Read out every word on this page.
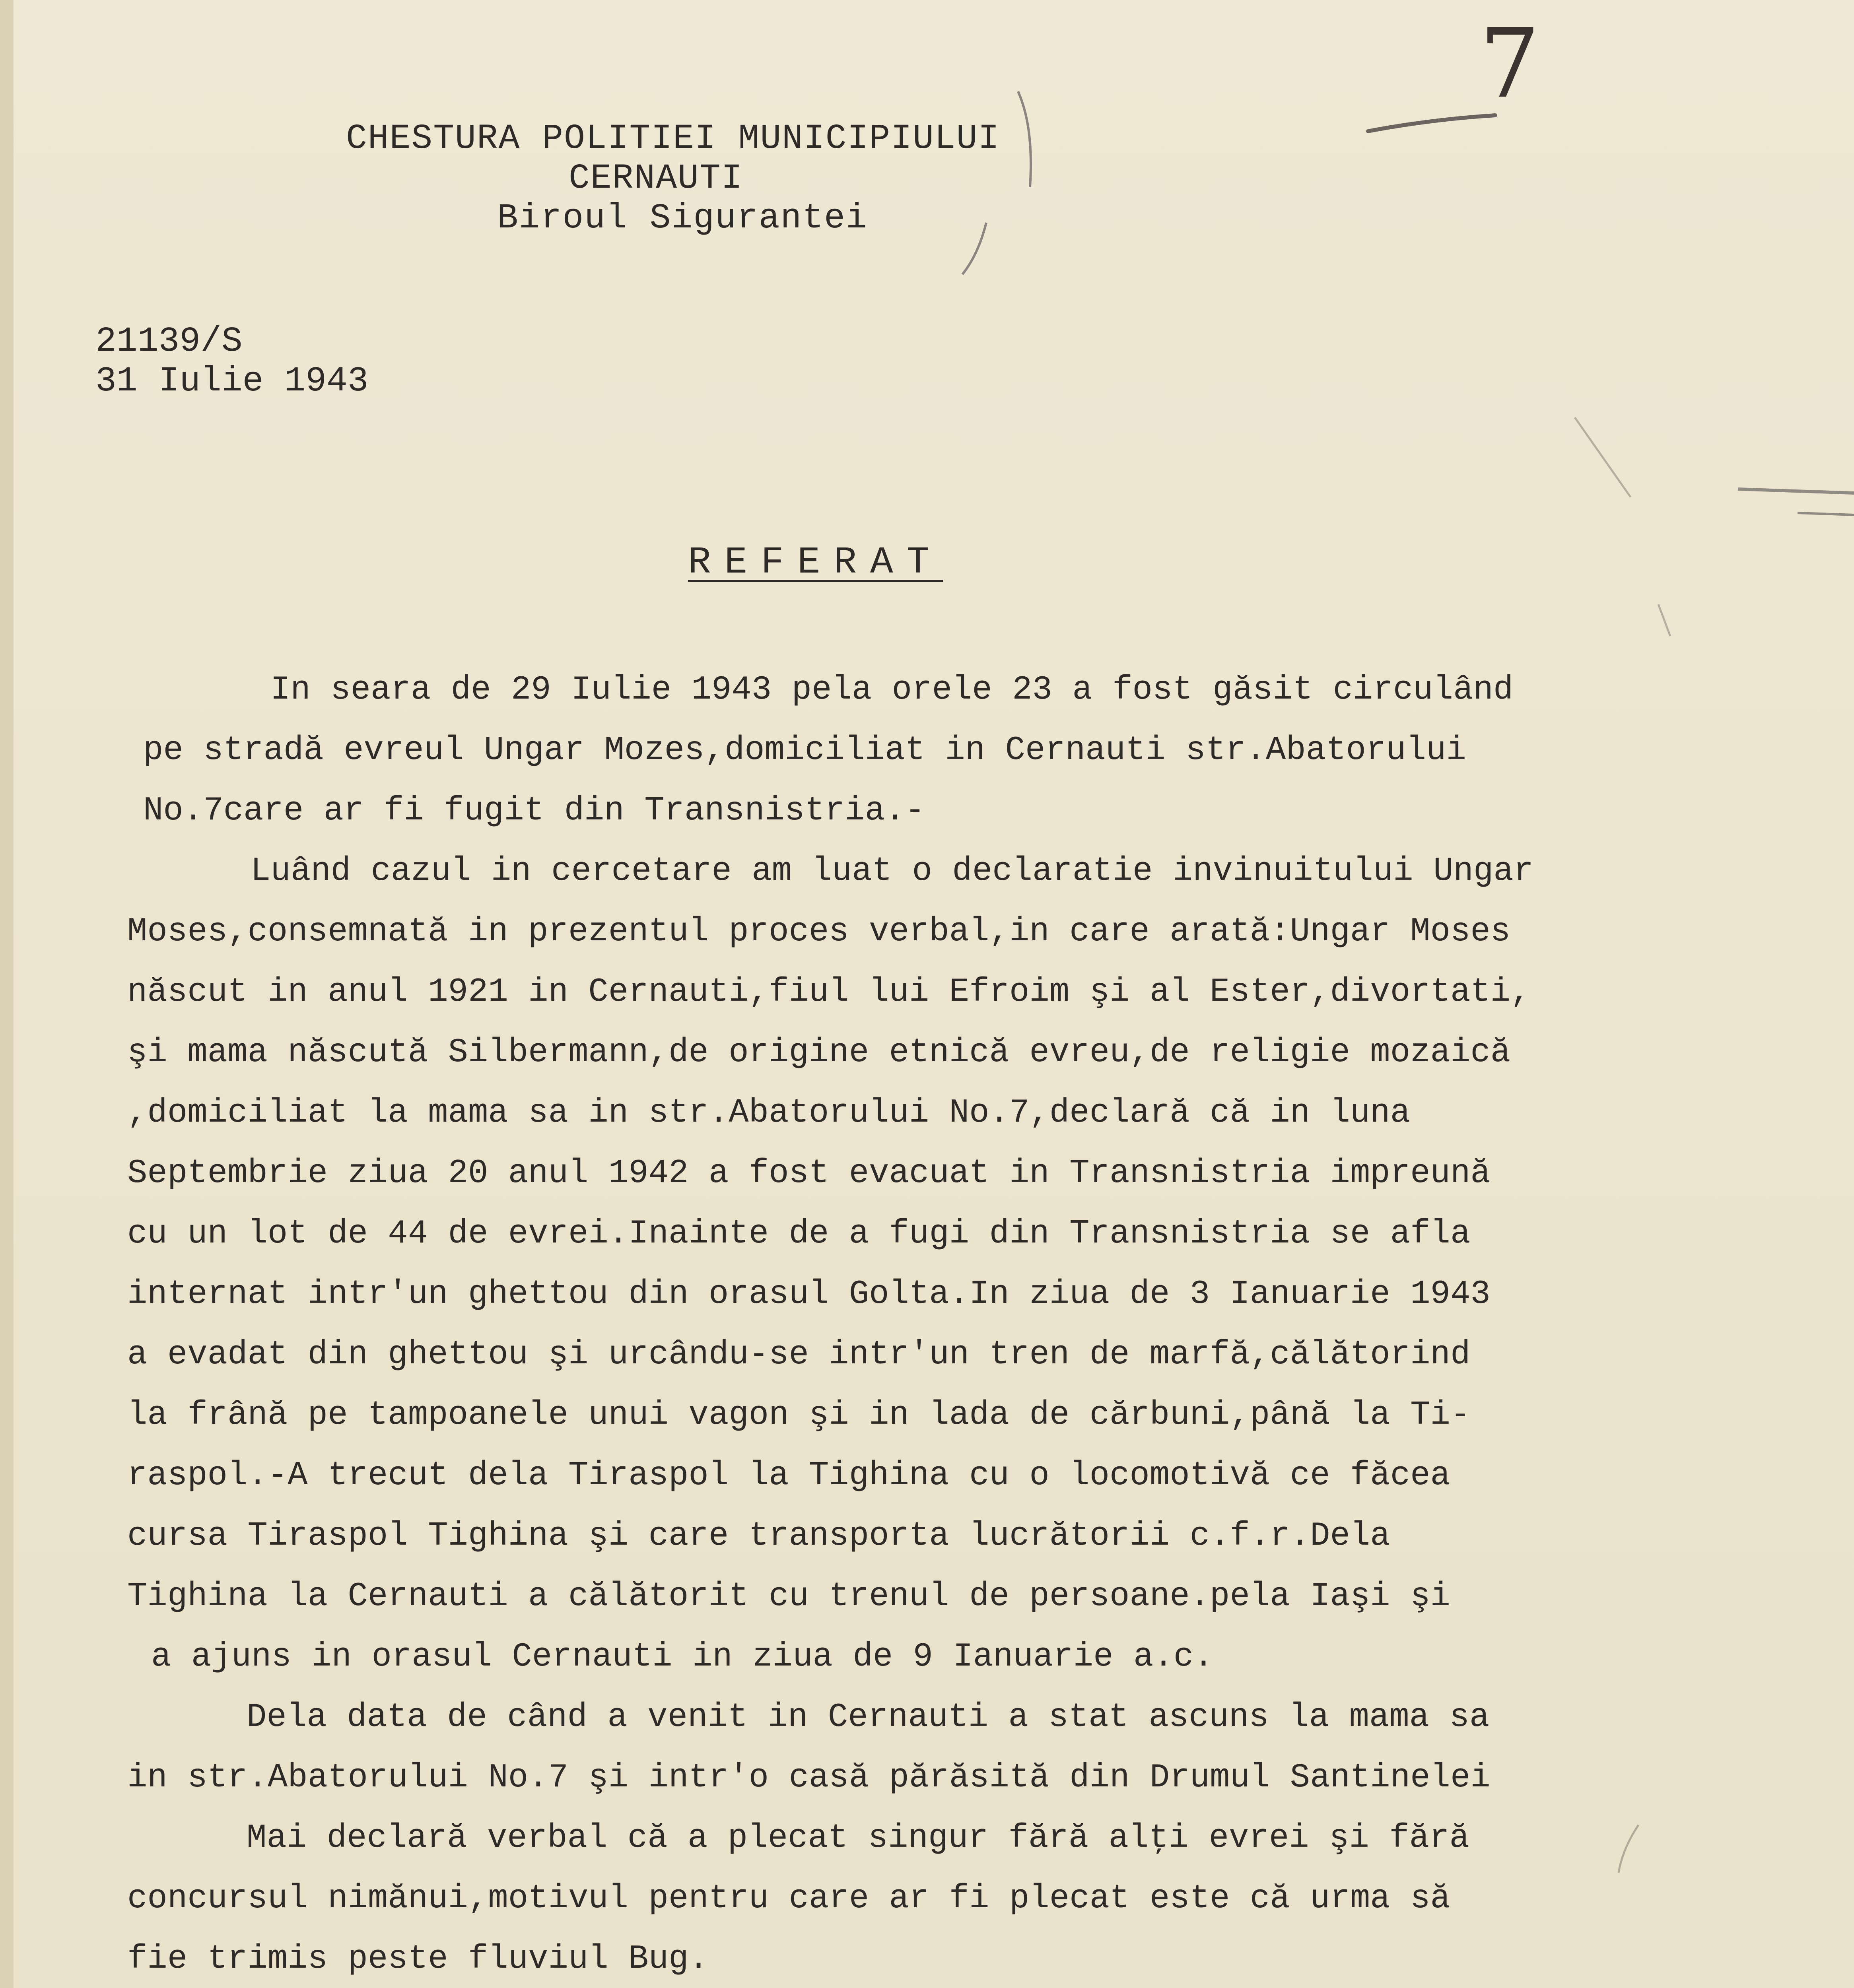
7
CHESTURA POLITIEI MUNICIPIULUI
CERNAUTI
Biroul Sigurantei
21139/S
31 Iulie 1943
REFERAT
In seara de 29 Iulie 1943 pela orele 23 a fost găsit circulând
pe stradă evreul Ungar Mozes,domiciliat in Cernauti str.Abatorului
No.7care ar fi fugit din Transnistria.-
Luând cazul in cercetare am luat o declaratie invinuitului Ungar
Moses,consemnată in prezentul proces verbal,in care arată:Ungar Moses
născut in anul 1921 in Cernauti,fiul lui Efroim şi al Ester,divortati,
şi mama născută Silbermann,de origine etnică evreu,de religie mozaică
,domiciliat la mama sa in str.Abatorului No.7,declară că in luna
Septembrie ziua 20 anul 1942 a fost evacuat in Transnistria impreună
cu un lot de 44 de evrei.Inainte de a fugi din Transnistria se afla
internat intr'un ghettou din orasul Golta.In ziua de 3 Ianuarie 1943
a evadat din ghettou şi urcându-se intr'un tren de marfă,călătorind
la frână pe tampoanele unui vagon şi in lada de cărbuni,până la Ti-
raspol.-A trecut dela Tiraspol la Tighina cu o locomotivă ce făcea
cursa Tiraspol Tighina şi care transporta lucrătorii c.f.r.Dela
Tighina la Cernauti a călătorit cu trenul de persoane.pela Iaşi şi
a ajuns in orasul Cernauti in ziua de 9 Ianuarie a.c.
Dela data de când a venit in Cernauti a stat ascuns la mama sa
in str.Abatorului No.7 şi intr'o casă părăsită din Drumul Santinelei
Mai declară verbal că a plecat singur fără alţi evrei şi fără
concursul nimănui,motivul pentru care ar fi plecat este că urma să
fie trimis peste fluviul Bug.
